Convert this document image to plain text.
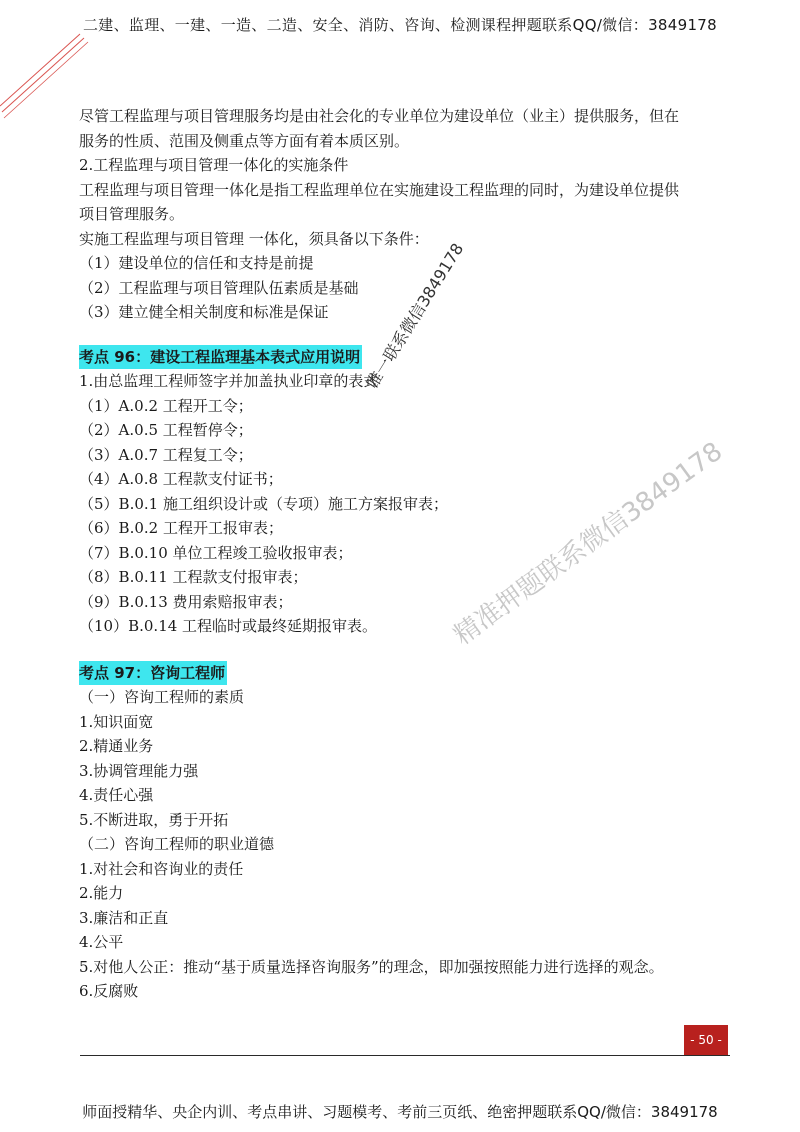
二建、监理、一建、一造、二造、安全、消防、咨询、检测课程押题联系QQ/微信：3849178

尽管工程监理与项目管理服务均是由社会化的专业单位为建设单位（业主）提供服务，但在

服务的性质、范围及侧重点等方面有着本质区别。

2.工程监理与项目管理一体化的实施条件

工程监理与项目管理一体化是指工程监理单位在实施建设工程监理的同时，为建设单位提供

项目管理服务。

实施工程监理与项目管理 一体化，须具备以下条件：

（1）建设单位的信任和支持是前提

（2）工程监理与项目管理队伍素质是基础

（3）建立健全相关制度和标准是保证

考点 96：建设工程监理基本表式应用说明

1.由总监理工程师签字并加盖执业印章的表式

（1）A.0.2 工程开工令；

（2）A.0.5 工程暂停令；

（3）A.0.7 工程复工令；

（4）A.0.8 工程款支付证书；

（5）B.0.1 施工组织设计或（专项）施工方案报审表；

（6）B.0.2 工程开工报审表；

（7）B.0.10 单位工程竣工验收报审表；

（8）B.0.11 工程款支付报审表；

（9）B.0.13 费用索赔报审表；

（10）B.0.14 工程临时或最终延期报审表。

考点 97：咨询工程师

（一）咨询工程师的素质

1.知识面宽

2.精通业务

3.协调管理能力强

4.责任心强

5.不断进取，勇于开拓

（二）咨询工程师的职业道德

1.对社会和咨询业的责任

2.能力

3.廉洁和正直

4.公平

5.对他人公正：推动“基于质量选择咨询服务”的理念，即加强按照能力进行选择的观念。

6.反腐败

唯一联系微信3849178
精准押题联系微信3849178
- 50 -
师面授精华、央企内训、考点串讲、习题模考、考前三页纸、绝密押题联系QQ/微信：3849178
